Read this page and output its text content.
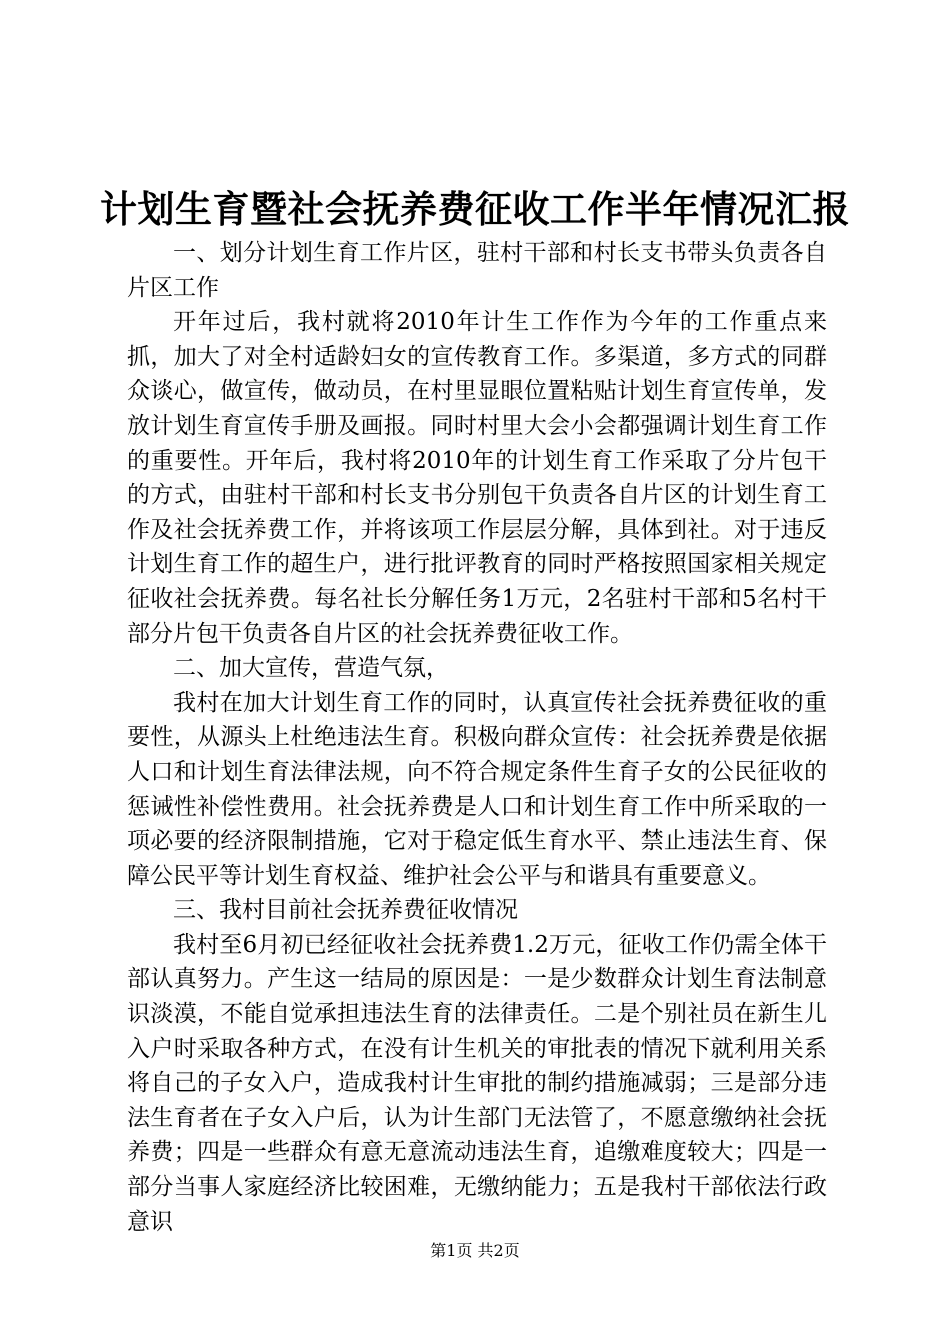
计划生育暨社会抚养费征收工作半年情况汇报

一、划分计划生育工作片区，驻村干部和村长支书带头负责各自片区工作

开年过后，我村就将2010年计生工作作为今年的工作重点来抓，加大了对全村适龄妇女的宣传教育工作。多渠道，多方式的同群众谈心，做宣传，做动员，在村里显眼位置粘贴计划生育宣传单，发放计划生育宣传手册及画报。同时村里大会小会都强调计划生育工作的重要性。开年后，我村将2010年的计划生育工作采取了分片包干的方式，由驻村干部和村长支书分别包干负责各自片区的计划生育工作及社会抚养费工作，并将该项工作层层分解，具体到社。对于违反计划生育工作的超生户，进行批评教育的同时严格按照国家相关规定征收社会抚养费。每名社长分解任务1万元，2名驻村干部和5名村干部分片包干负责各自片区的社会抚养费征收工作。

二、加大宣传，营造气氛，

我村在加大计划生育工作的同时，认真宣传社会抚养费征收的重要性，从源头上杜绝违法生育。积极向群众宣传：社会抚养费是依据人口和计划生育法律法规，向不符合规定条件生育子女的公民征收的惩诫性补偿性费用。社会抚养费是人口和计划生育工作中所采取的一项必要的经济限制措施，它对于稳定低生育水平、禁止违法生育、保障公民平等计划生育权益、维护社会公平与和谐具有重要意义。

三、我村目前社会抚养费征收情况

我村至6月初已经征收社会抚养费1.2万元，征收工作仍需全体干部认真努力。产生这一结局的原因是：一是少数群众计划生育法制意识淡漠，不能自觉承担违法生育的法律责任。二是个别社员在新生儿入户时采取各种方式，在没有计生机关的审批表的情况下就利用关系将自己的子女入户，造成我村计生审批的制约措施减弱；三是部分违法生育者在子女入户后，认为计生部门无法管了，不愿意缴纳社会抚养费；四是一些群众有意无意流动违法生育，追缴难度较大；四是一部分当事人家庭经济比较困难，无缴纳能力；五是我村干部依法行政意识

第1页 共2页
